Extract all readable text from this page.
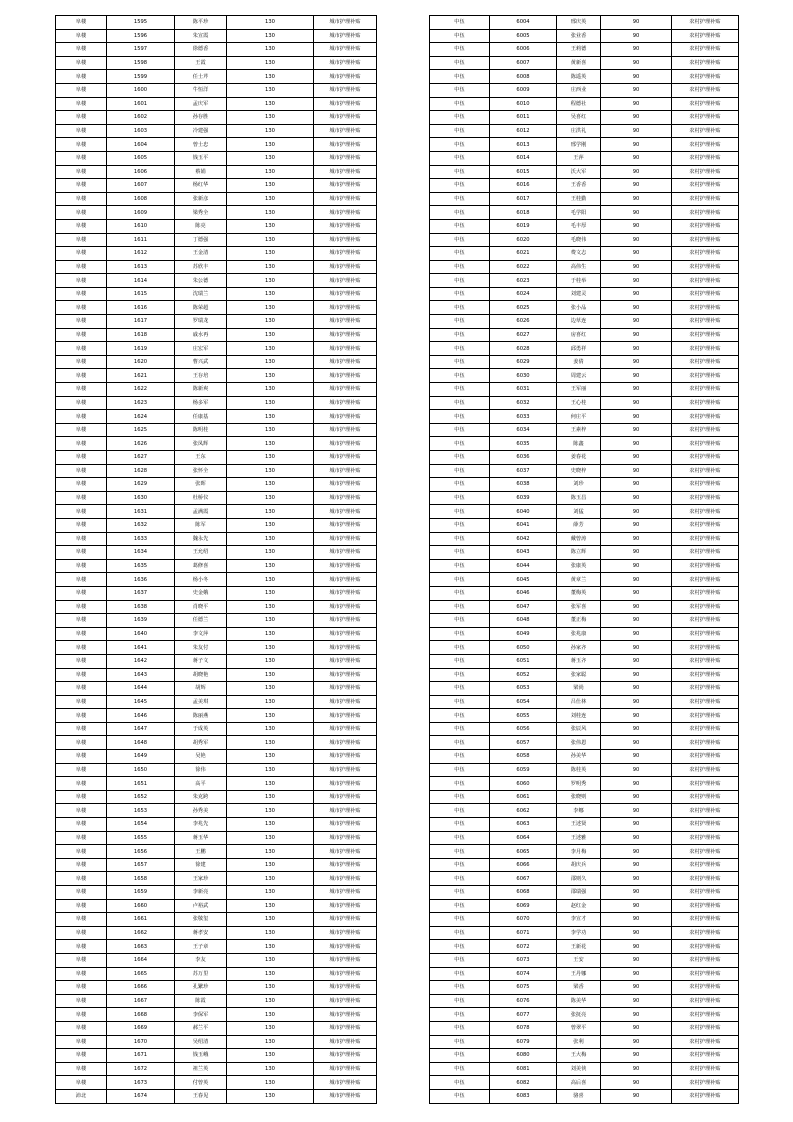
阜楼	1595	陈平珍	130	城市护理补贴
阜楼	1596	朱宣霞	130	城市护理补贴
阜楼	1597	徐德香	130	城市护理补贴
阜楼	1598	王霞	130	城市护理补贴
阜楼	1599	任士芹	130	城市护理补贴
阜楼	1600	牛恒洋	130	城市护理补贴
阜楼	1601	孟庆军	130	城市护理补贴
阜楼	1602	孙存胜	130	城市护理补贴
阜楼	1603	冷建强	130	城市护理补贴
阜楼	1604	曾士忠	130	城市护理补贴
阜楼	1605	钱玉平	130	城市护理补贴
阜楼	1606	蔡娟	130	城市护理补贴
阜楼	1607	杨红华	130	城市护理补贴
阜楼	1608	张新彦	130	城市护理补贴
阜楼	1609	梁秀全	130	城市护理补贴
阜楼	1610	陈亮	130	城市护理补贴
阜楼	1611	丁德强	130	城市护理补贴
阜楼	1612	王金清	130	城市护理补贴
阜楼	1613	苏欣丰	130	城市护理补贴
阜楼	1614	朱公德	130	城市护理补贴
阜楼	1615	沈瑞兰	130	城市护理补贴
阜楼	1616	陈荣超	130	城市护理补贴
阜楼	1617	罗瑞龙	130	城市护理补贴
阜楼	1618	戚水再	130	城市护理补贴
阜楼	1619	庄宏军	130	城市护理补贴
阜楼	1620	曹兴武	130	城市护理补贴
阜楼	1621	王存培	130	城市护理补贴
阜楼	1622	陈新爽	130	城市护理补贴
阜楼	1623	杨多军	130	城市护理补贴
阜楼	1624	任康基	130	城市护理补贴
阜楼	1625	陈明桂	130	城市护理补贴
阜楼	1626	张凤辉	130	城市护理补贴
阜楼	1627	王东	130	城市护理补贴
阜楼	1628	张怀全	130	城市护理补贴
阜楼	1629	张晖	130	城市护理补贴
阜楼	1630	杜桥仪	130	城市护理补贴
阜楼	1631	孟满霞	130	城市护理补贴
阜楼	1632	陈军	130	城市护理补贴
阜楼	1633	魏永先	130	城市护理补贴
阜楼	1634	王允绍	130	城市护理补贴
阜楼	1635	葛修喜	130	城市护理补贴
阜楼	1636	杨小冬	130	城市护理补贴
阜楼	1637	史金娥	130	城市护理补贴
阜楼	1638	肖晓平	130	城市护理补贴
阜楼	1639	任德兰	130	城市护理补贴
阜楼	1640	李文萍	130	城市护理补贴
阜楼	1641	朱友付	130	城市护理补贴
阜楼	1642	蒋子文	130	城市护理补贴
阜楼	1643	胡晓艳	130	城市护理补贴
阜楼	1644	胡辉	130	城市护理补贴
阜楼	1645	孟美琪	130	城市护理补贴
阜楼	1646	陈丽燕	130	城市护理补贴
阜楼	1647	于成英	130	城市护理补贴
阜楼	1648	胡秀军	130	城市护理补贴
阜楼	1649	吴艳	130	城市护理补贴
阜楼	1650	徐伟	130	城市护理补贴
阜楼	1651	高平	130	城市护理补贴
阜楼	1652	朱克跨	130	城市护理补贴
阜楼	1653	孙秀美	130	城市护理补贴
阜楼	1654	李兆先	130	城市护理补贴
阜楼	1655	蒋玉华	130	城市护理补贴
阜楼	1656	王鹏	130	城市护理补贴
阜楼	1657	徐建	130	城市护理补贴
阜楼	1658	王家珍	130	城市护理补贴
阜楼	1659	李新亮	130	城市护理补贴
阜楼	1660	卢裕武	130	城市护理补贴
阜楼	1661	张敬玺	130	城市护理补贴
阜楼	1662	蒋孝安	130	城市护理补贴
阜楼	1663	王子章	130	城市护理补贴
阜楼	1664	李友	130	城市护理补贴
阜楼	1665	苏万里	130	城市护理补贴
阜楼	1666	孔繁珍	130	城市护理补贴
阜楼	1667	陈霞	130	城市护理补贴
阜楼	1668	李保军	130	城市护理补贴
阜楼	1669	郝兰平	130	城市护理补贴
阜楼	1670	吴绍清	130	城市护理补贴
阜楼	1671	钱玉峨	130	城市护理补贴
阜楼	1672	祖兰英	130	城市护理补贴
阜楼	1673	付曾英	130	城市护理补贴
沛北	1674	王春见	130	城市护理补贴
中伍	6004	邢庆英	90	农村护理补贴
中伍	6005	张业香	90	农村护理补贴
中伍	6006	王莉德	90	农村护理补贴
中伍	6007	黄新喜	90	农村护理补贴
中伍	6008	陈遥英	90	农村护理补贴
中伍	6009	庄西业	90	农村护理补贴
中伍	6010	程德社	90	农村护理补贴
中伍	6011	吴喜红	90	农村护理补贴
中伍	6012	庄洪礼	90	农村护理补贴
中伍	6013	邢学刚	90	农村护理补贴
中伍	6014	王萍	90	农村护理补贴
中伍	6015	沃大军	90	农村护理补贴
中伍	6016	王香香	90	农村护理补贴
中伍	6017	王桂勤	90	农村护理补贴
中伍	6018	毛学阳	90	农村护理补贴
中伍	6019	毛丰厚	90	农村护理补贴
中伍	6020	毛晓伟	90	农村护理补贴
中伍	6021	费文志	90	农村护理补贴
中伍	6022	高伟生	90	农村护理补贴
中伍	6023	于桂举	90	农村护理补贴
中伍	6024	刘建灵	90	农村护理补贴
中伍	6025	张小品	90	农村护理补贴
中伍	6026	边草连	90	农村护理补贴
中伍	6027	房喜红	90	农村护理补贴
中伍	6028	邱勇祥	90	农村护理补贴
中伍	6029	姜倩	90	农村护理补贴
中伍	6030	周建云	90	农村护理补贴
中伍	6031	王军丽	90	农村护理补贴
中伍	6032	王心桂	90	农村护理补贴
中伍	6033	何庄平	90	农村护理补贴
中伍	6034	王素梓	90	农村护理补贴
中伍	6035	陈鑫	90	农村护理补贴
中伍	6036	姜春花	90	农村护理补贴
中伍	6037	史晓梓	90	农村护理补贴
中伍	6038	刘珍	90	农村护理补贴
中伍	6039	陈玉昌	90	农村护理补贴
中伍	6040	刘猛	90	农村护理补贴
中伍	6041	薛芳	90	农村护理补贴
中伍	6042	戴曾涛	90	农村护理补贴
中伍	6043	陈立辉	90	农村护理补贴
中伍	6044	张康英	90	农村护理补贴
中伍	6045	黄章兰	90	农村护理补贴
中伍	6046	董梅英	90	农村护理补贴
中伍	6047	张军喜	90	农村护理补贴
中伍	6048	董正梅	90	农村护理补贴
中伍	6049	张兆康	90	农村护理补贴
中伍	6050	孙家齐	90	农村护理补贴
中伍	6051	蒋玉齐	90	农村护理补贴
中伍	6052	张家聪	90	农村护理补贴
中伍	6053	梁尚	90	农村护理补贴
中伍	6054	吕仕林	90	农村护理补贴
中伍	6055	刘桂连	90	农村护理补贴
中伍	6056	张辰风	90	农村护理补贴
中伍	6057	张伟恩	90	农村护理补贴
中伍	6058	孙美华	90	农村护理补贴
中伍	6059	陈桂英	90	农村护理补贴
中伍	6060	罗明秀	90	农村护理补贴
中伍	6061	张晓则	90	农村护理补贴
中伍	6062	李娜	90	农村护理补贴
中伍	6063	王述贤	90	农村护理补贴
中伍	6064	王述雅	90	农村护理补贴
中伍	6065	李月梅	90	农村护理补贴
中伍	6066	胡庆兵	90	农村护理补贴
中伍	6067	邵则久	90	农村护理补贴
中伍	6068	邵瑞强	90	农村护理补贴
中伍	6069	赵红金	90	农村护理补贴
中伍	6070	李宣才	90	农村护理补贴
中伍	6071	李学功	90	农村护理补贴
中伍	6072	王新花	90	农村护理补贴
中伍	6073	王安	90	农村护理补贴
中伍	6074	王丹娜	90	农村护理补贴
中伍	6075	梁香	90	农村护理补贴
中伍	6076	陈美华	90	农村护理补贴
中伍	6077	张抚亮	90	农村护理补贴
中伍	6078	曾翠平	90	农村护理补贴
中伍	6079	张利	90	农村护理补贴
中伍	6080	王大梅	90	农村护理补贴
中伍	6081	刘美侠	90	农村护理补贴
中伍	6082	高后喜	90	农村护理补贴
中伍	6083	骆喜	90	农村护理补贴
